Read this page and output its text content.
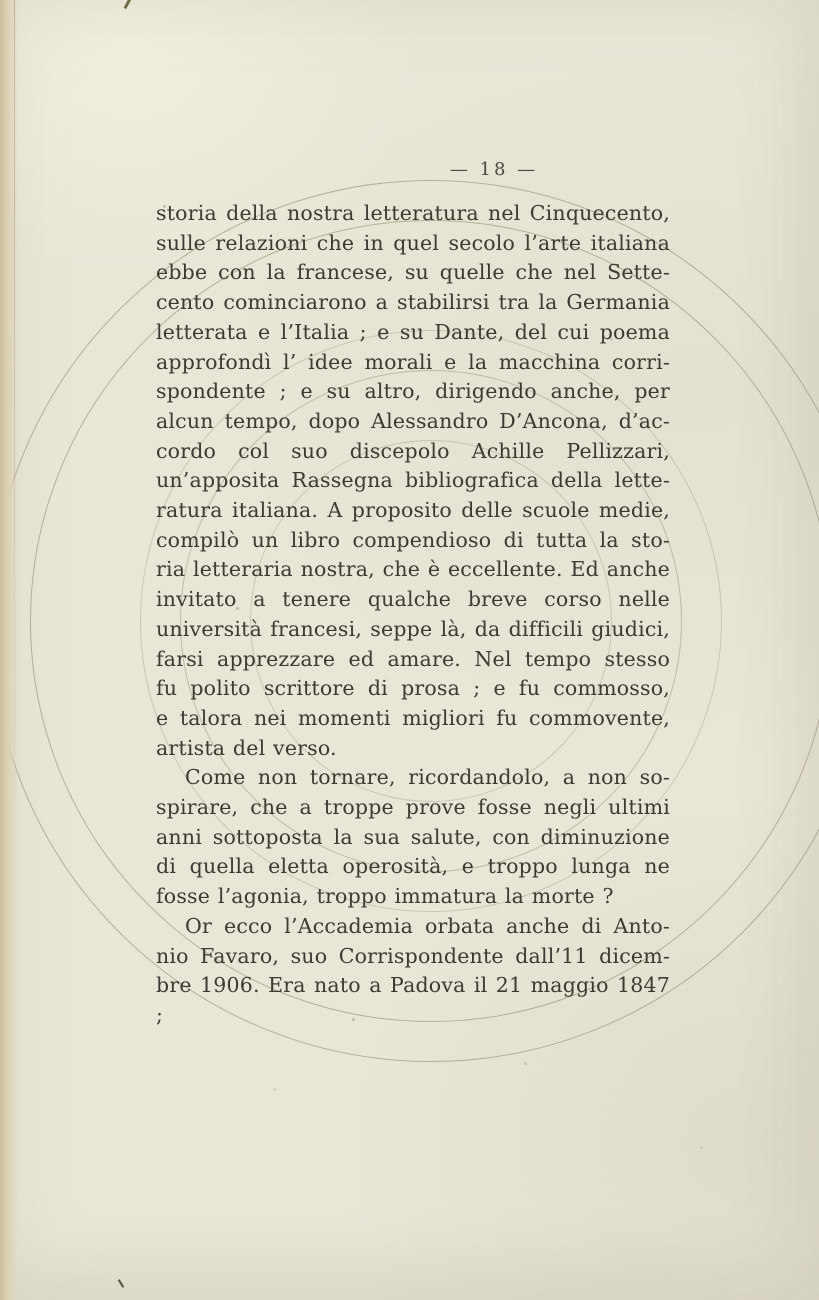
— 18 —
storia della nostra letteratura nel Cinquecento,
sulle relazioni che in quel secolo l’arte italiana
ebbe con la francese, su quelle che nel Sette-
cento cominciarono a stabilirsi tra la Germania
letterata e l’Italia ; e su Dante, del cui poema
approfondì l’ idee morali e la macchina corri-
spondente ; e su altro, dirigendo anche, per
alcun tempo, dopo Alessandro D’Ancona, d’ac-
cordo col suo discepolo Achille Pellizzari,
un’apposita Rassegna bibliografica della lette-
ratura italiana. A proposito delle scuole medie,
compilò un libro compendioso di tutta la sto-
ria letteraria nostra, che è eccellente. Ed anche
invitato a tenere qualche breve corso nelle
università francesi, seppe là, da difficili giudici,
farsi apprezzare ed amare. Nel tempo stesso
fu polito scrittore di prosa ; e fu commosso,
e talora nei momenti migliori fu commovente,
artista del verso.
Come non tornare, ricordandolo, a non so-
spirare, che a troppe prove fosse negli ultimi
anni sottoposta la sua salute, con diminuzione
di quella eletta operosità, e troppo lunga ne
fosse l’agonia, troppo immatura la morte ?
Or ecco l’Accademia orbata anche di Anto-
nio Favaro, suo Corrispondente dall’11 dicem-
bre 1906. Era nato a Padova il 21 maggio 1847 ;
